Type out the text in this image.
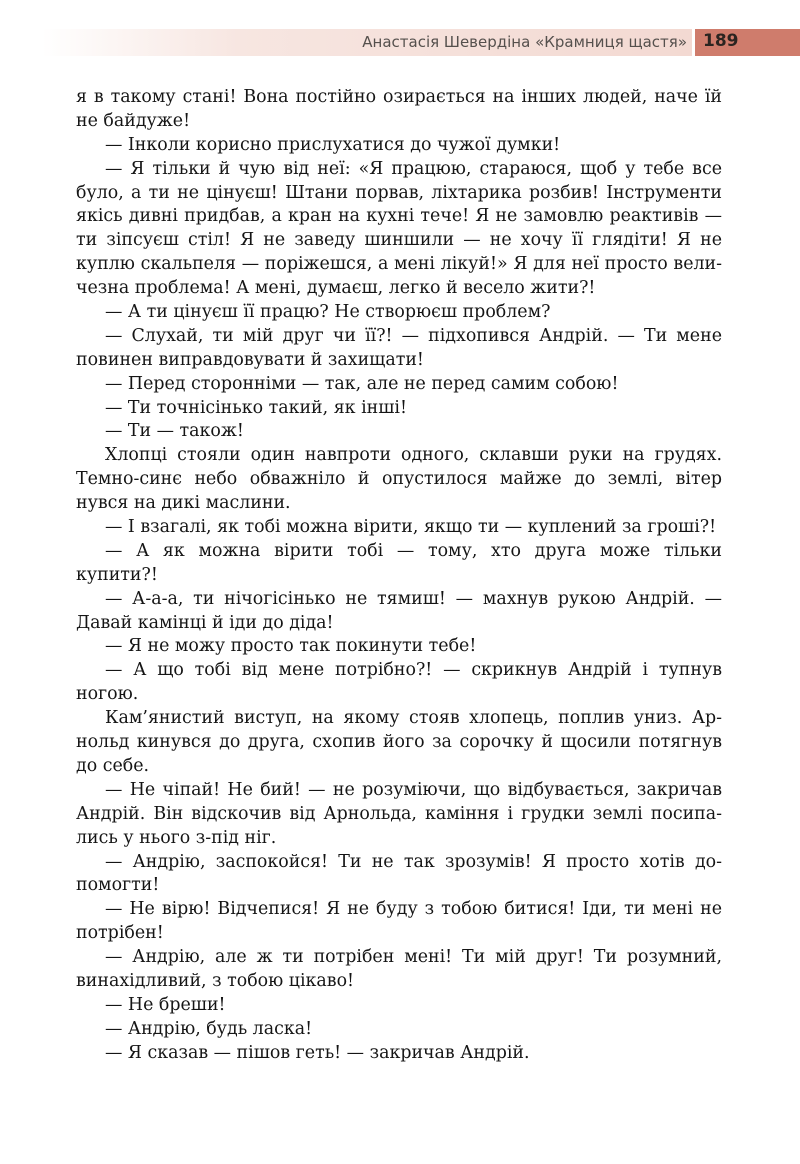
Анастасія Шевердіна «Крамниця щастя» 189
я в такому стані! Вона постійно озирається на інших людей, наче їй
не байдуже!
— Інколи корисно прислухатися до чужої думки!
— Я тільки й чую від неї: «Я працюю, стараюся, щоб у тебе все
було, а ти не цінуєш! Штани порвав, ліхтарика розбив! Інструменти
якісь дивні придбав, а кран на кухні тече! Я не замовлю реактивів —
ти зіпсуєш стіл! Я не заведу шиншили — не хочу її глядіти! Я не
куплю скальпеля — поріжешся, а мені лікуй!» Я для неї просто вели-
чезна проблема! А мені, думаєш, легко й весело жити?!
— А ти цінуєш її працю? Не створюєш проблем?
— Слухай, ти мій друг чи її?! — підхопився Андрій. — Ти мене
повинен виправдовувати й захищати!
— Перед сторонніми — так, але не перед самим собою!
— Ти точнісінько такий, як інші!
— Ти — також!
Хлопці стояли один навпроти одного, склавши руки на грудях.
Темно-синє небо обважніло й опустилося майже до землі, вітер
нувся на дикі маслини.
— І взагалі, як тобі можна вірити, якщо ти — куплений за гроші?!
— А як можна вірити тобі — тому, хто друга може тільки
купити?!
— А-а-а, ти нічогісінько не тямиш! — махнув рукою Андрій. —
Давай камінці й іди до діда!
— Я не можу просто так покинути тебе!
— А що тобі від мене потрібно?! — скрикнув Андрій і тупнув
ногою.
Кам’янистий виступ, на якому стояв хлопець, поплив униз. Ар-
нольд кинувся до друга, схопив його за сорочку й щосили потягнув
до себе.
— Не чіпай! Не бий! — не розуміючи, що відбувається, закричав
Андрій. Він відскочив від Арнольда, каміння і грудки землі посипа-
лись у нього з-під ніг.
— Андрію, заспокойся! Ти не так зрозумів! Я просто хотів до-
помогти!
— Не вірю! Відчепися! Я не буду з тобою битися! Іди, ти мені не
потрібен!
— Андрію, але ж ти потрібен мені! Ти мій друг! Ти розумний,
винахідливий, з тобою цікаво!
— Не бреши!
— Андрію, будь ласка!
— Я сказав — пішов геть! — закричав Андрій.
